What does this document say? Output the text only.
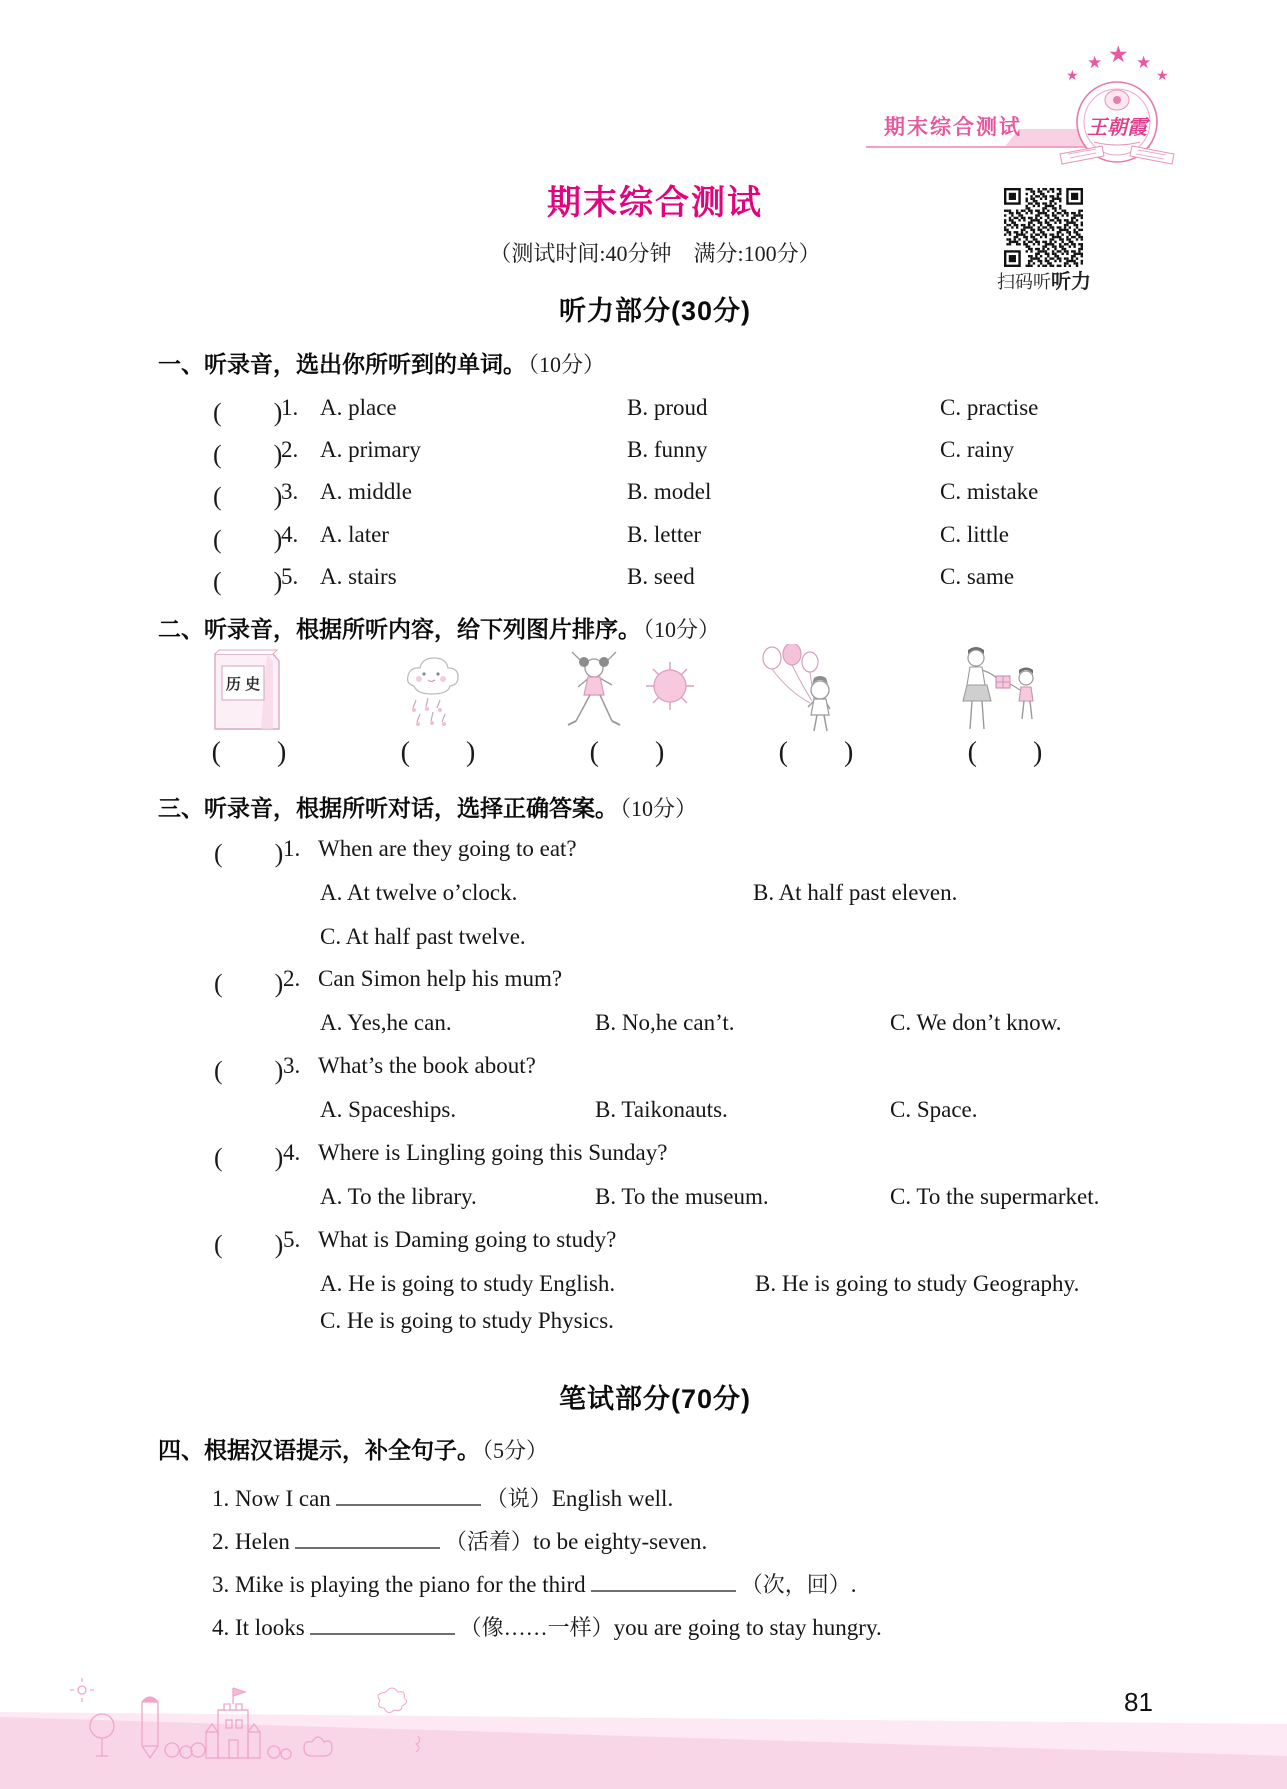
期末综合测试
★
★ ★ ★
★
王朝霞
期末综合测试
（测试时间:40分钟　满分:100分）
扫码听听力
听力部分(30分)
一、听录音，选出你所听到的单词。（10分）
(　　)
1. A. place	B. proud	C. practise
(　　)
2. A. primary	B. funny	C. rainy
(　　)
3. A. middle	B. model	C. mistake
(　　)
4. A. later	B. letter	C. little
(　　)
5. A. stairs	B. seed	C. same
二、听录音，根据所听内容，给下列图片排序。（10分）
历 史
(　　)	(　　)	(　　)	(　　)	(　　)
三、听录音，根据所听对话，选择正确答案。（10分）
(　　) 1. When are they going to eat?
A. At twelve o’clock.	B. At half past eleven.
C. At half past twelve.
(　　) 2. Can Simon help his mum?
A. Yes,he can.	B. No,he can’t.	C. We don’t know.
(　　) 3. What’s the book about?
A. Spaceships.	B. Taikonauts.	C. Space.
(　　) 4. Where is Lingling going this Sunday?
A. To the library.	B. To the museum.	C. To the supermarket.
(　　) 5. What is Daming going to study?
A. He is going to study English.	B. He is going to study Geography.
C. He is going to study Physics.
笔试部分(70分)
四、根据汉语提示，补全句子。（5分）
1. Now I can	（说）English well.
2. Helen	（活着）to be eighty-seven.
3. Mike is playing the piano for the third	（次，回）.
4. It looks	（像……一样）you are going to stay hungry.
81
